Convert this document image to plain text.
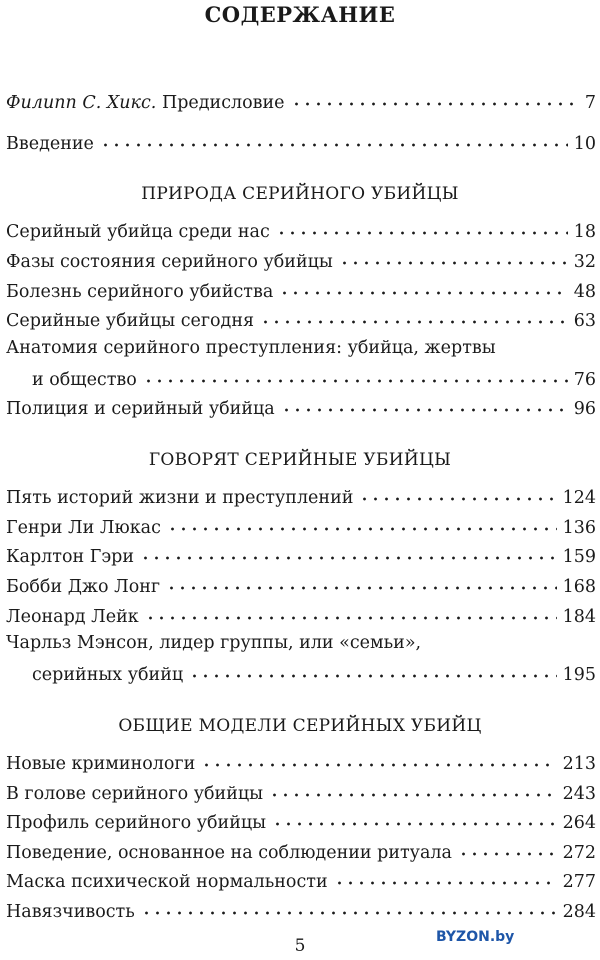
СОДЕРЖАНИЕ
Филипп С. Хикс. Предисловие	7
Введение	10
ПРИРОДА СЕРИЙНОГО УБИЙЦЫ
Серийный убийца среди нас	18
Фазы состояния серийного убийцы	32
Болезнь серийного убийства	48
Серийные убийцы сегодня	63
Анатомия серийного преступления: убийца, жертвы
и общество	76
Полиция и серийный убийца	96
ГОВОРЯТ СЕРИЙНЫЕ УБИЙЦЫ
Пять историй жизни и преступлений	124
Генри Ли Люкас	136
Карлтон Гэри	159
Бобби Джо Лонг	168
Леонард Лейк	184
Чарльз Мэнсон, лидер группы, или «семьи»,
серийных убийц	195
ОБЩИЕ МОДЕЛИ СЕРИЙНЫХ УБИЙЦ
Новые криминологи	213
В голове серийного убийцы	243
Профиль серийного убийцы	264
Поведение, основанное на соблюдении ритуала	272
Маска психической нормальности	277
Навязчивость	284
5	BYZON.by
